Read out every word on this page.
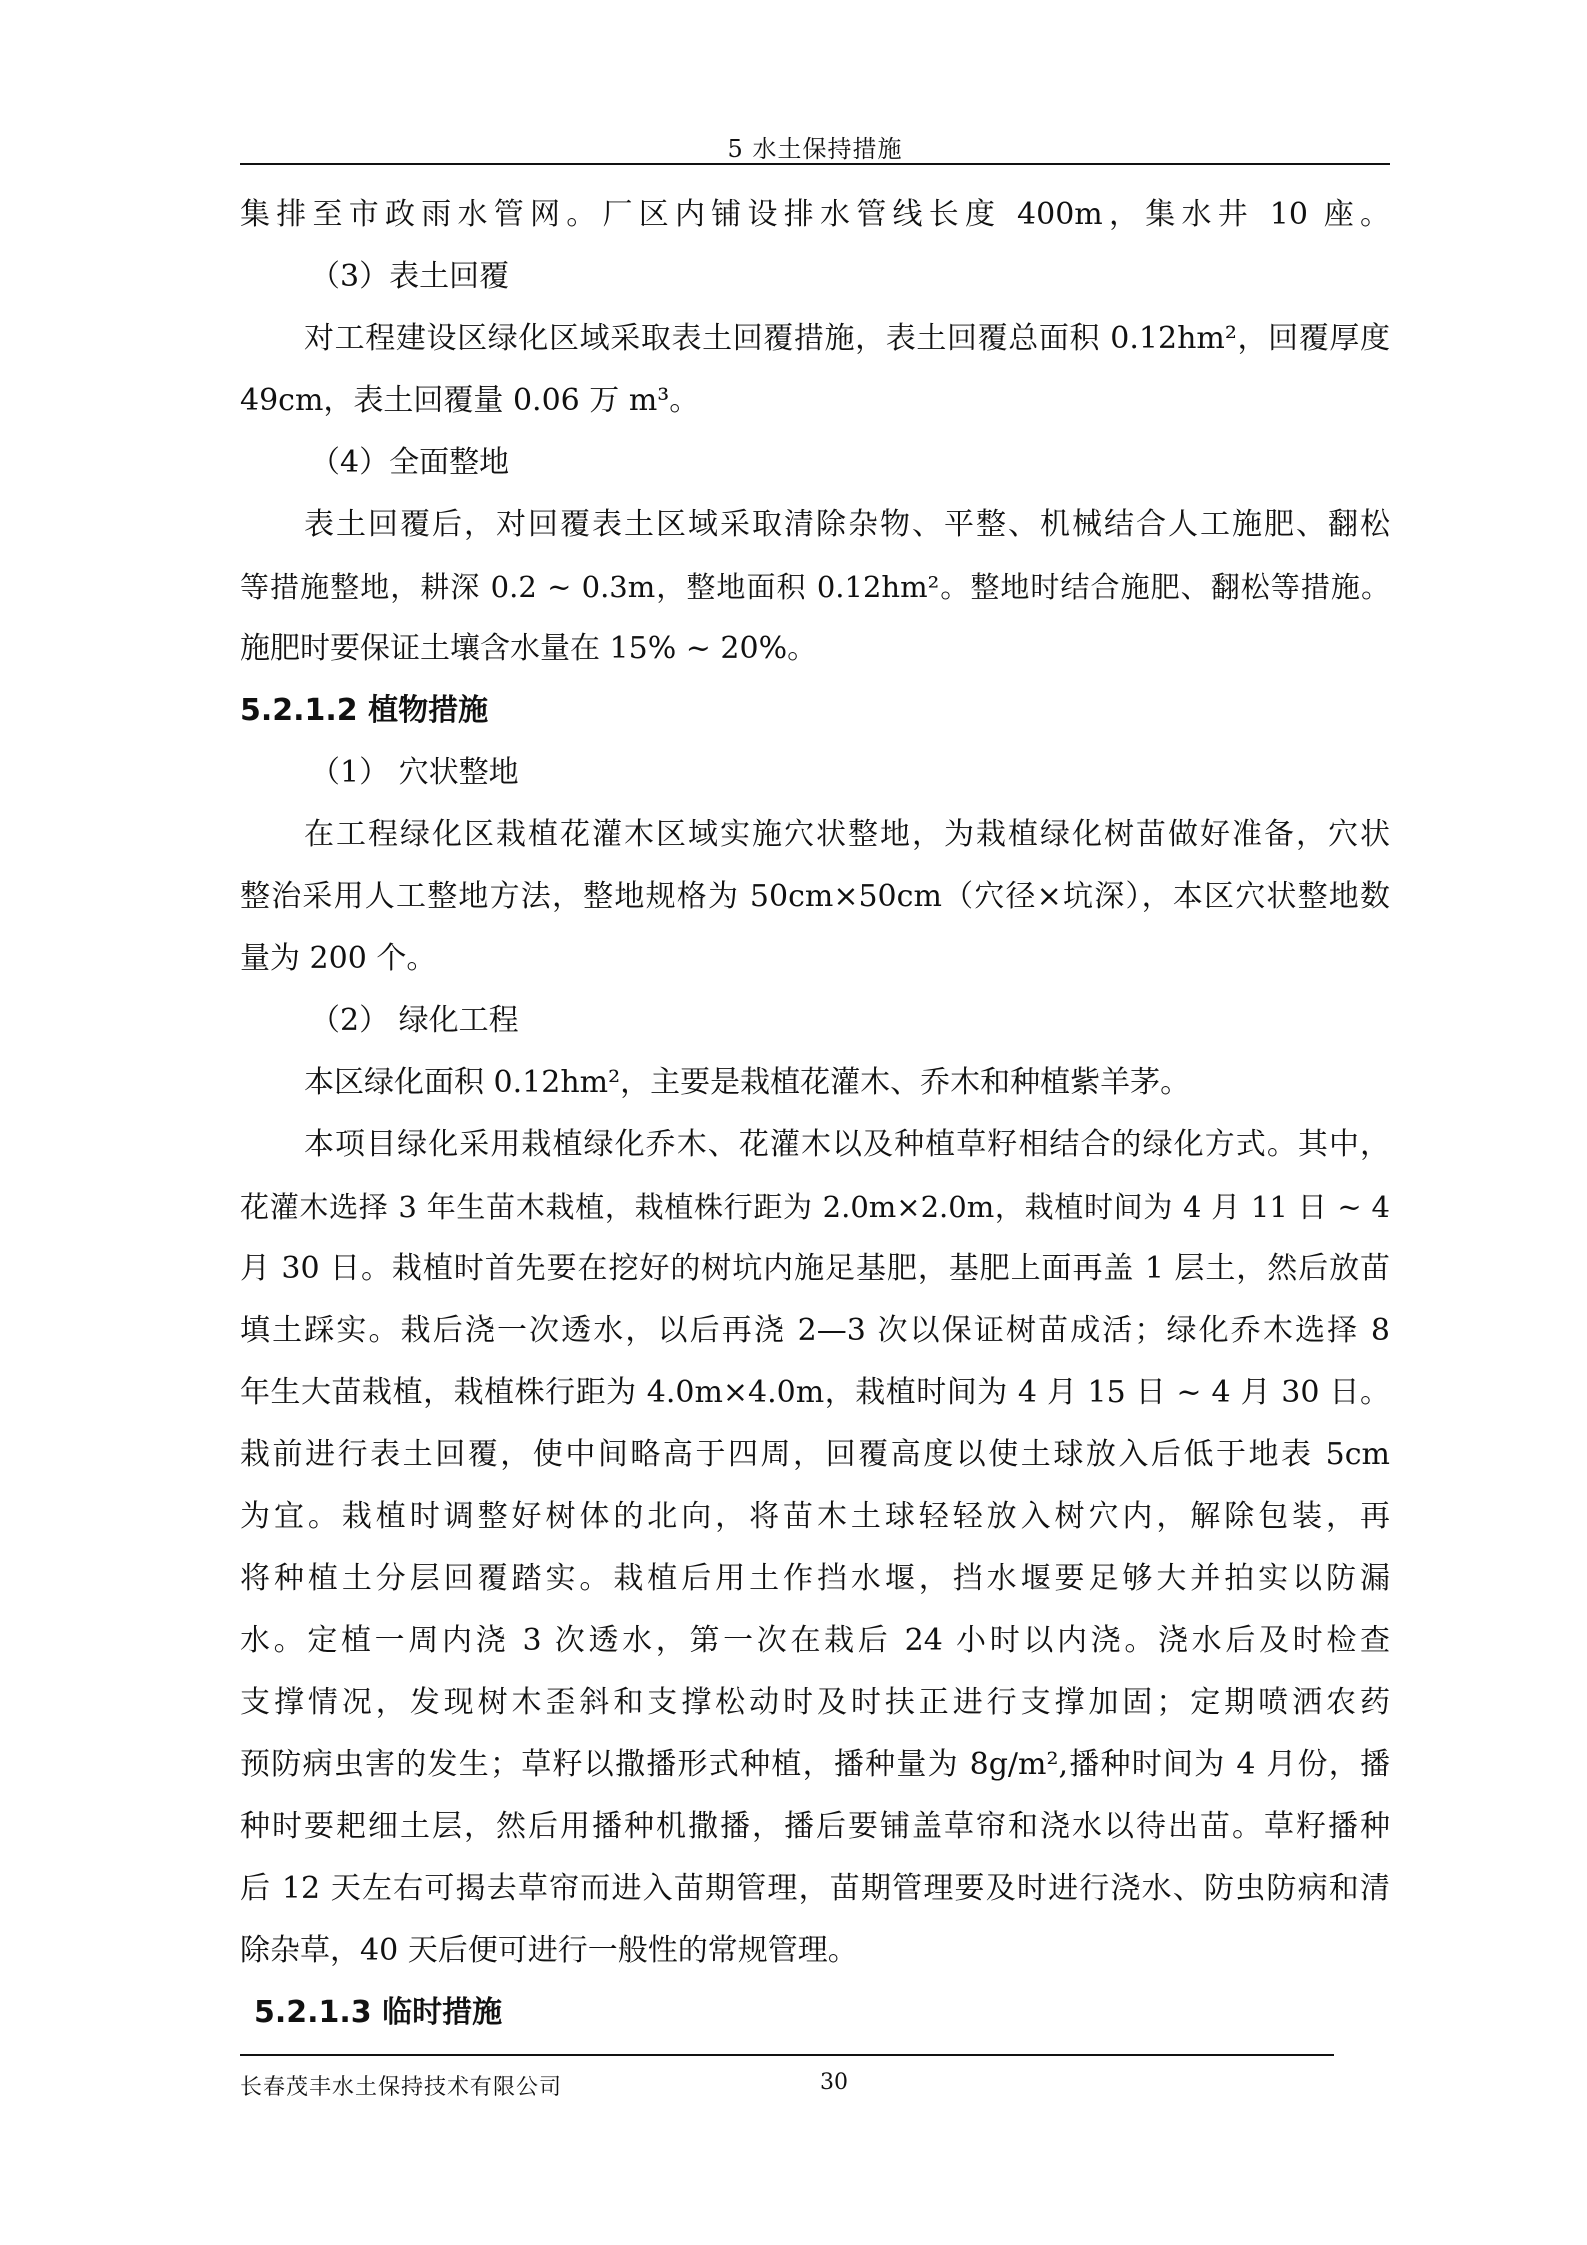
5 水土保持措施
集排至市政雨水管网。厂区内铺设排水管线长度 400m，集水井 10 座。
（3）表土回覆
对工程建设区绿化区域采取表土回覆措施，表土回覆总面积 0.12hm²，回覆厚度
49cm，表土回覆量 0.06 万 m³。
（4）全面整地
表土回覆后，对回覆表土区域采取清除杂物、平整、机械结合人工施肥、翻松
等措施整地，耕深 0.2 ~ 0.3m，整地面积 0.12hm²。整地时结合施肥、翻松等措施。
施肥时要保证土壤含水量在 15% ~ 20%。
5.2.1.2 植物措施
（1） 穴状整地
在工程绿化区栽植花灌木区域实施穴状整地，为栽植绿化树苗做好准备，穴状
整治采用人工整地方法，整地规格为 50cm×50cm（穴径×坑深），本区穴状整地数
量为 200 个。
（2） 绿化工程
本区绿化面积 0.12hm²，主要是栽植花灌木、乔木和种植紫羊茅。
本项目绿化采用栽植绿化乔木、花灌木以及种植草籽相结合的绿化方式。其中，
花灌木选择 3 年生苗木栽植，栽植株行距为 2.0m×2.0m，栽植时间为 4 月 11 日 ~ 4
月 30 日。栽植时首先要在挖好的树坑内施足基肥，基肥上面再盖 1 层土，然后放苗
填土踩实。栽后浇一次透水，以后再浇 2—3 次以保证树苗成活；绿化乔木选择 8
年生大苗栽植，栽植株行距为 4.0m×4.0m，栽植时间为 4 月 15 日 ~ 4 月 30 日。
栽前进行表土回覆，使中间略高于四周，回覆高度以使土球放入后低于地表 5cm
为宜。栽植时调整好树体的北向，将苗木土球轻轻放入树穴内，解除包装，再
将种植土分层回覆踏实。栽植后用土作挡水堰，挡水堰要足够大并拍实以防漏
水。定植一周内浇 3 次透水，第一次在栽后 24 小时以内浇。浇水后及时检查
支撑情况，发现树木歪斜和支撑松动时及时扶正进行支撑加固；定期喷洒农药
预防病虫害的发生；草籽以撒播形式种植，播种量为 8g/m²,播种时间为 4 月份，播
种时要耙细土层，然后用播种机撒播，播后要铺盖草帘和浇水以待出苗。草籽播种
后 12 天左右可揭去草帘而进入苗期管理，苗期管理要及时进行浇水、防虫防病和清
除杂草，40 天后便可进行一般性的常规管理。
5.2.1.3 临时措施
长春茂丰水土保持技术有限公司	30
